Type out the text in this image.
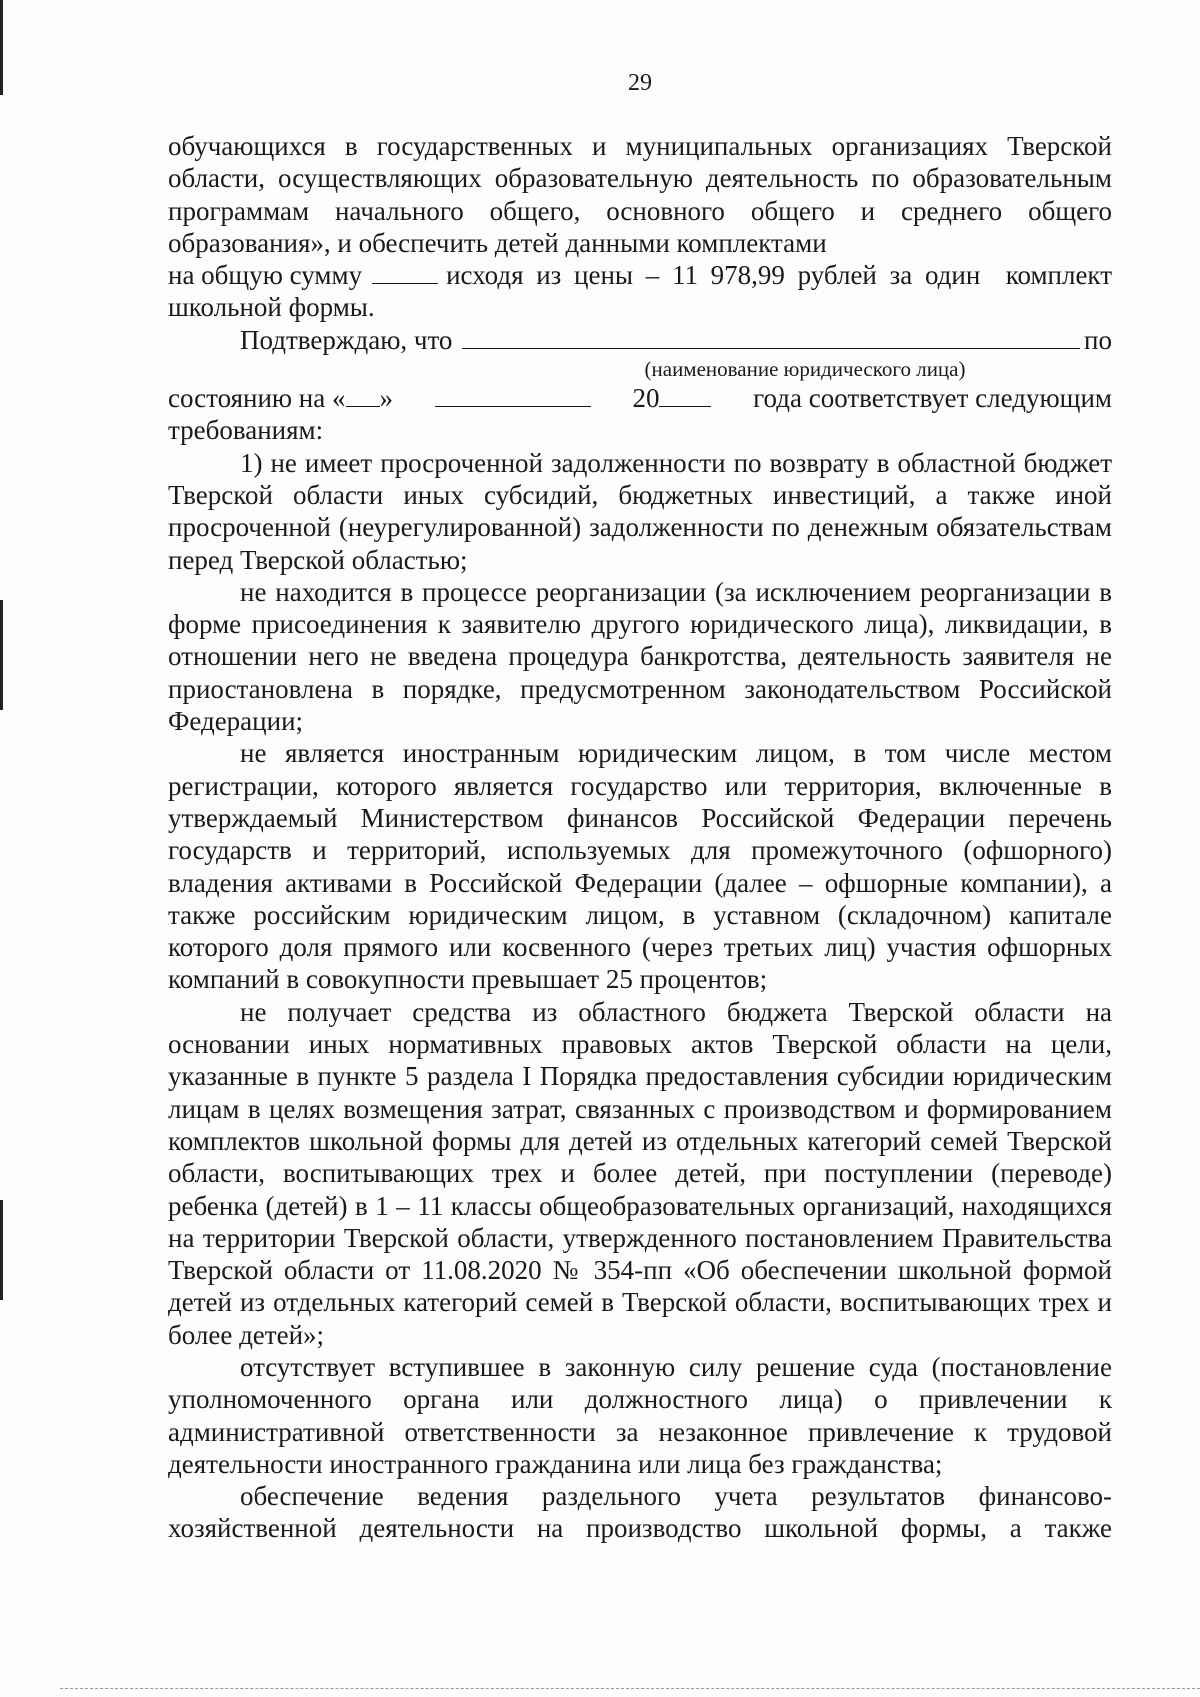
29

обучающихся в государственных и муниципальных организациях Тверской области, осуществляющих образовательную деятельность по образовательным программам начального общего, основного общего и среднего общего образования», и обеспечить детей данными комплектами

на общую сумму	исходя из цены – 11 978,99 рублей за один  комплект

школьной формы.

Подтверждаю, что	по
(наименование юридического лица)
состоянию на « »	20	года соответствует следующим

требованиям:

1) не имеет просроченной задолженности по возврату в областной бюджет Тверской области иных субсидий, бюджетных инвестиций, а также иной просроченной (неурегулированной) задолженности по денежным обязательствам перед Тверской областью;

не находится в процессе реорганизации (за исключением реорганизации в форме присоединения к заявителю другого юридического лица), ликвидации, в отношении него не введена процедура банкротства, деятельность заявителя не приостановлена в порядке, предусмотренном законодательством Российской Федерации;

не является иностранным юридическим лицом, в том числе местом регистрации, которого является государство или территория, включенные в утверждаемый Министерством финансов Российской Федерации перечень государств и территорий, используемых для промежуточного (офшорного) владения активами в Российской Федерации (далее – офшорные компании), а также российским юридическим лицом, в уставном (складочном) капитале которого доля прямого или косвенного (через третьих лиц) участия офшорных компаний в совокупности превышает 25 процентов;

не получает средства из областного бюджета Тверской области на основании иных нормативных правовых актов Тверской области на цели, указанные в пункте 5 раздела I Порядка предоставления субсидии юридическим лицам в целях возмещения затрат, связанных с производством и формированием комплектов школьной формы для детей из отдельных категорий семей Тверской области, воспитывающих трех и более детей, при поступлении (переводе) ребенка (детей) в 1 – 11 классы общеобразовательных организаций, находящихся на территории Тверской области, утвержденного постановлением Правительства Тверской области от 11.08.2020 № 354-пп «Об обеспечении школьной формой детей из отдельных категорий семей в Тверской области, воспитывающих трех и более детей»;

отсутствует вступившее в законную силу решение суда (постановление уполномоченного органа или должностного лица) о привлечении к административной ответственности за незаконное привлечение к трудовой деятельности иностранного гражданина или лица без гражданства;

обеспечение ведения раздельного учета результатов финансово-хозяйственной деятельности на производство школьной формы, а также
